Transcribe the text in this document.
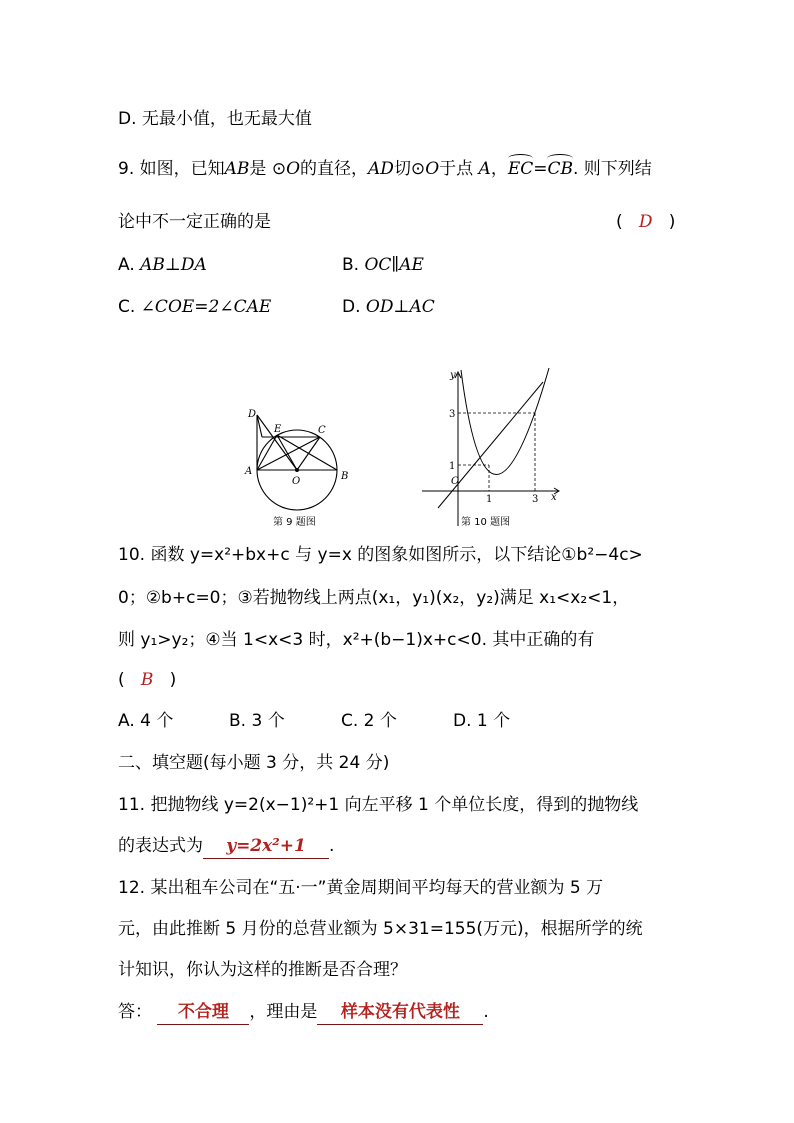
D. 无最小值，也无最大值
9. 如图，已知AB是 ⊙O的直径，AD切⊙O于点 A，EC=CB. 则下列结
论中不一定正确的是	( D )
A. AB⊥DA	B. OC∥AE
C. ∠COE=2∠CAE	D. OD⊥AC
D
E	C
A
O	B
第 9 题图
y
x
O
3
1
1	3
第 10 题图
10. 函数 y=x²+bx+c 与 y=x 的图象如图所示，以下结论①b²−4c>
0；②b+c=0；③若抛物线上两点(x₁，y₁)(x₂，y₂)满足 x₁<x₂<1，
则 y₁>y₂；④当 1<x<3 时，x²+(b−1)x+c<0. 其中正确的有
( B )
A. 4 个	B. 3 个	C. 2 个	D. 1 个
二、填空题(每小题 3 分，共 24 分)
11. 把抛物线 y=2(x−1)²+1 向左平移 1 个单位长度，得到的抛物线
的表达式为 y=2x²+1 .
12. 某出租车公司在“五·一”黄金周期间平均每天的营业额为 5 万
元，由此推断 5 月份的总营业额为 5×31=155(万元)，根据所学的统
计知识，你认为这样的推断是否合理？
答： 不合理 ，理由是 样本没有代表性 .
